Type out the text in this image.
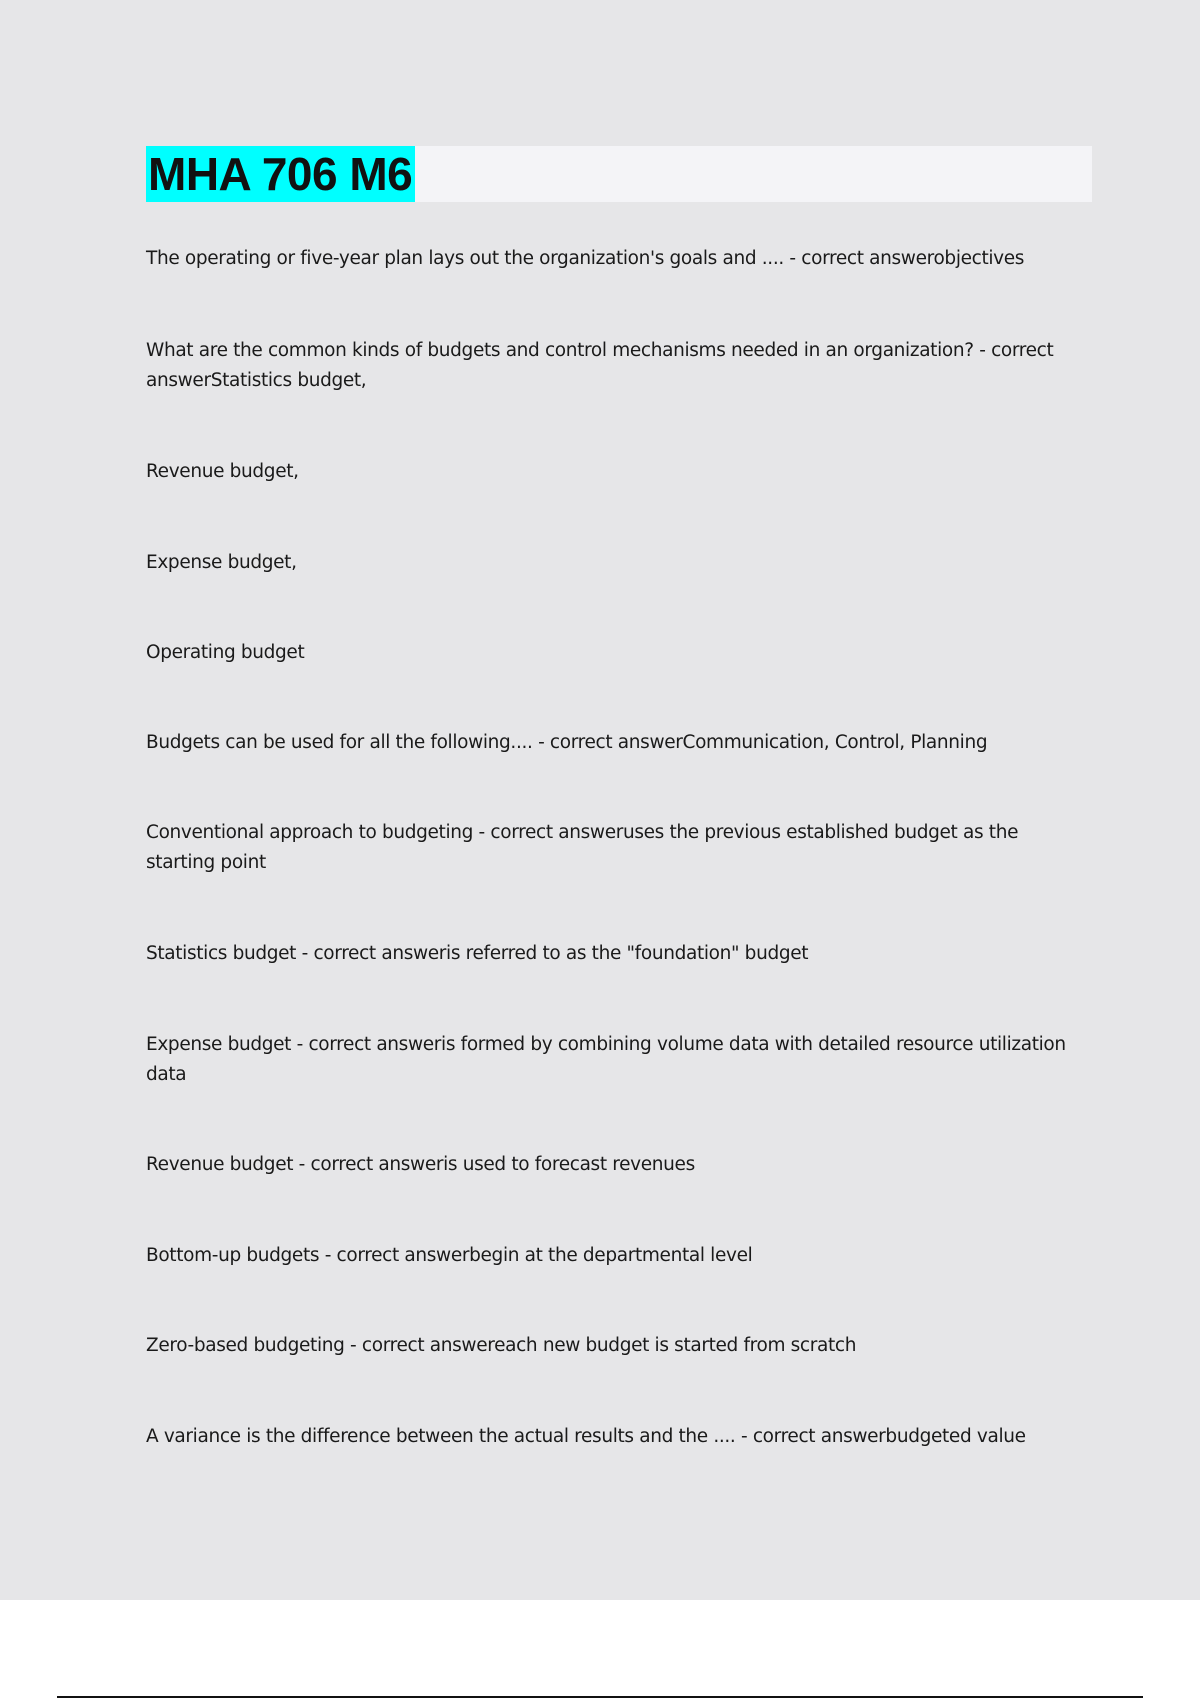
MHA 706 M6
The operating or five-year plan lays out the organization's goals and .... - correct answerobjectives
What are the common kinds of budgets and control mechanisms needed in an organization? - correct answerStatistics budget,
Revenue budget,
Expense budget,
Operating budget
Budgets can be used for all the following.... - correct answerCommunication, Control, Planning
Conventional approach to budgeting - correct answeruses the previous established budget as the starting point
Statistics budget - correct answeris referred to as the "foundation" budget
Expense budget - correct answeris formed by combining volume data with detailed resource utilization data
Revenue budget - correct answeris used to forecast revenues
Bottom-up budgets - correct answerbegin at the departmental level
Zero-based budgeting - correct answereach new budget is started from scratch
A variance is the difference between the actual results and the .... - correct answerbudgeted value
